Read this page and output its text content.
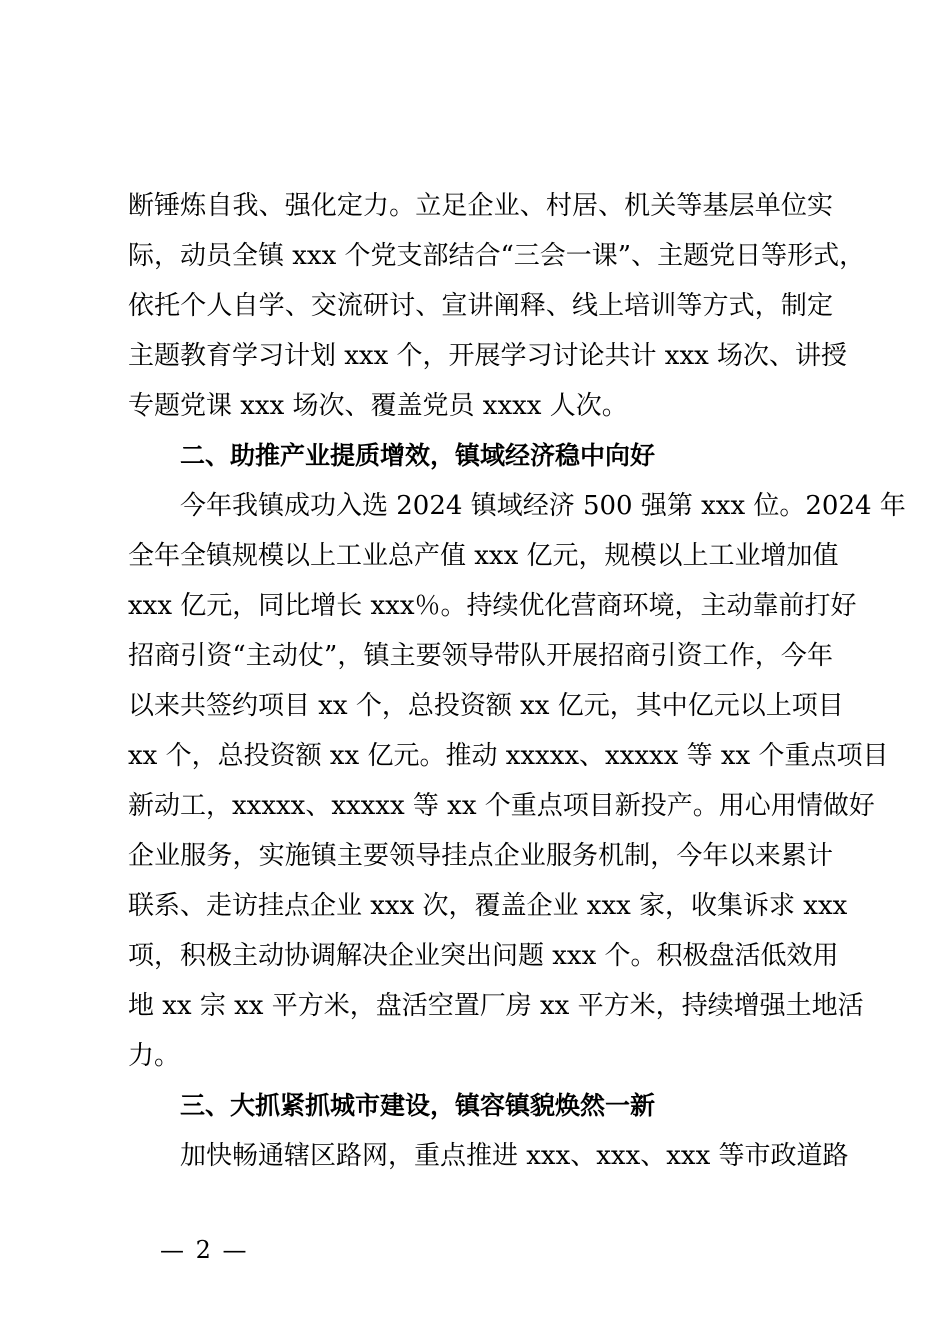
断锤炼自我、强化定力。立足企业、村居、机关等基层单位实
际，动员全镇 xxx 个党支部结合“三会一课”、主题党日等形式，
依托个人自学、交流研讨、宣讲阐释、线上培训等方式，制定
主题教育学习计划 xxx 个，开展学习讨论共计 xxx 场次、讲授
专题党课 xxx 场次、覆盖党员 xxxx 人次。
二、助推产业提质增效，镇域经济稳中向好
今年我镇成功入选 2024 镇域经济 500 强第 xxx 位。2024 年
全年全镇规模以上工业总产值 xxx 亿元，规模以上工业增加值
xxx 亿元，同比增长 xxx％。持续优化营商环境，主动靠前打好
招商引资“主动仗”，镇主要领导带队开展招商引资工作，今年
以来共签约项目 xx 个，总投资额 xx 亿元，其中亿元以上项目
xx 个，总投资额 xx 亿元。推动 xxxxx、xxxxx 等 xx 个重点项目
新动工，xxxxx、xxxxx 等 xx 个重点项目新投产。用心用情做好
企业服务，实施镇主要领导挂点企业服务机制，今年以来累计
联系、走访挂点企业 xxx 次，覆盖企业 xxx 家，收集诉求 xxx
项，积极主动协调解决企业突出问题 xxx 个。积极盘活低效用
地 xx 宗 xx 平方米，盘活空置厂房 xx 平方米，持续增强土地活
力。
三、大抓紧抓城市建设，镇容镇貌焕然一新
加快畅通辖区路网，重点推进 xxx、xxx、xxx 等市政道路
— 2 —
